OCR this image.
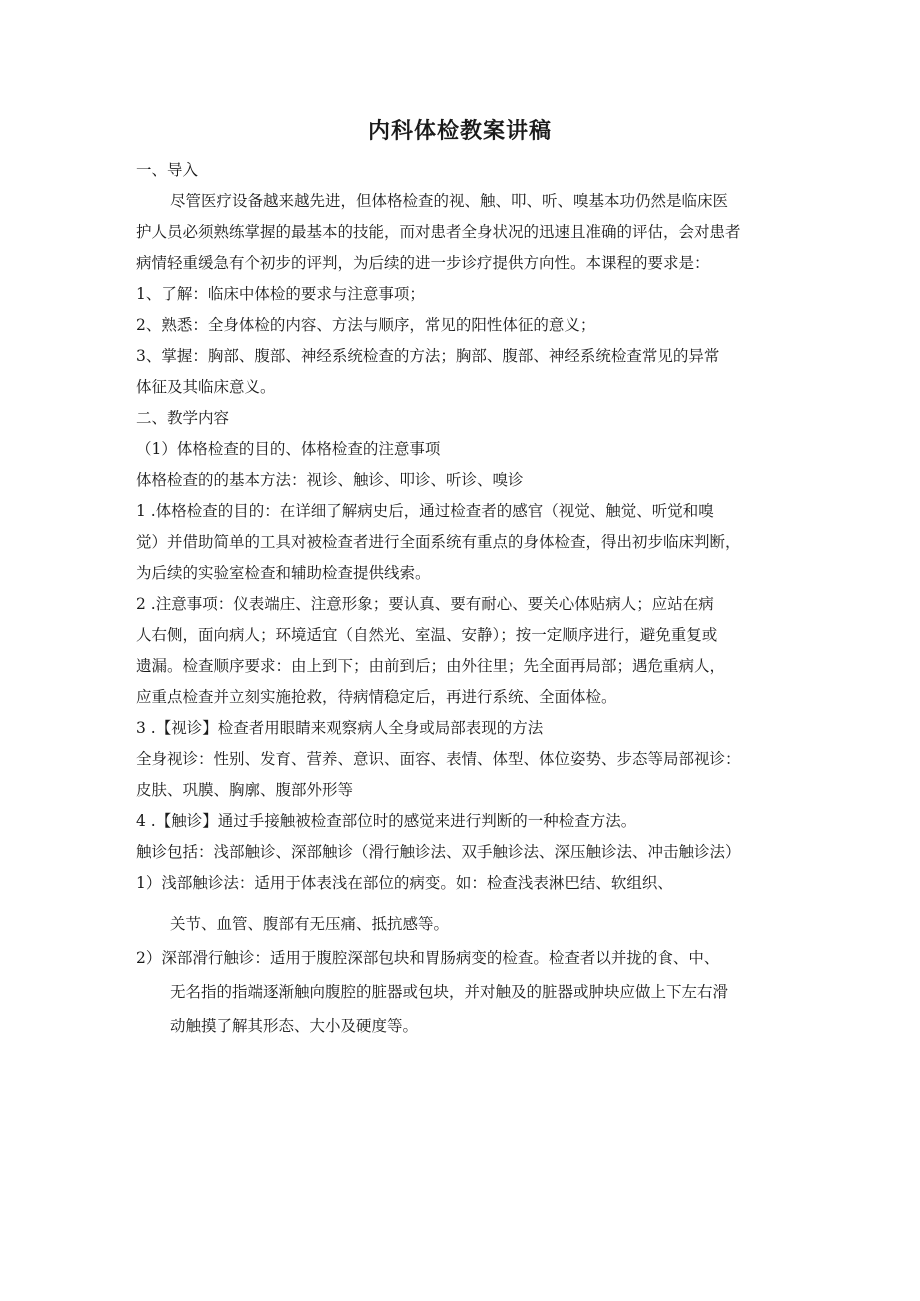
内科体检教案讲稿

一、导入

尽管医疗设备越来越先进，但体格检查的视、触、叩、听、嗅基本功仍然是临床医

护人员必须熟练掌握的最基本的技能，而对患者全身状况的迅速且准确的评估，会对患者

病情轻重缓急有个初步的评判，为后续的进一步诊疗提供方向性。本课程的要求是：

1、了解：临床中体检的要求与注意事项；

2、熟悉：全身体检的内容、方法与顺序，常见的阳性体征的意义；

3、掌握：胸部、腹部、神经系统检查的方法；胸部、腹部、神经系统检查常见的异常

体征及其临床意义。

二、教学内容

（1）体格检查的目的、体格检查的注意事项

体格检查的的基本方法：视诊、触诊、叩诊、听诊、嗅诊

1 .体格检查的目的：在详细了解病史后，通过检查者的感官（视觉、触觉、听觉和嗅

觉）并借助简单的工具对被检查者进行全面系统有重点的身体检查，得出初步临床判断，

为后续的实验室检查和辅助检查提供线索。

2 .注意事项：仪表端庄、注意形象；要认真、要有耐心、要关心体贴病人；应站在病

人右侧，面向病人；环境适宜（自然光、室温、安静）；按一定顺序进行，避免重复或

遗漏。检查顺序要求：由上到下；由前到后；由外往里；先全面再局部；遇危重病人，

应重点检查并立刻实施抢救，待病情稳定后，再进行系统、全面体检。

3 .【视诊】检查者用眼睛来观察病人全身或局部表现的方法

全身视诊：性别、发育、营养、意识、面容、表情、体型、体位姿势、步态等局部视诊：

皮肤、巩膜、胸廓、腹部外形等

4 .【触诊】通过手接触被检查部位时的感觉来进行判断的一种检查方法。

触诊包括：浅部触诊、深部触诊（滑行触诊法、双手触诊法、深压触诊法、冲击触诊法）

1）浅部触诊法：适用于体表浅在部位的病变。如：检查浅表淋巴结、软组织、

关节、血管、腹部有无压痛、抵抗感等。

2）深部滑行触诊：适用于腹腔深部包块和胃肠病变的检查。检查者以并拢的食、中、

无名指的指端逐渐触向腹腔的脏器或包块，并对触及的脏器或肿块应做上下左右滑

动触摸了解其形态、大小及硬度等。
